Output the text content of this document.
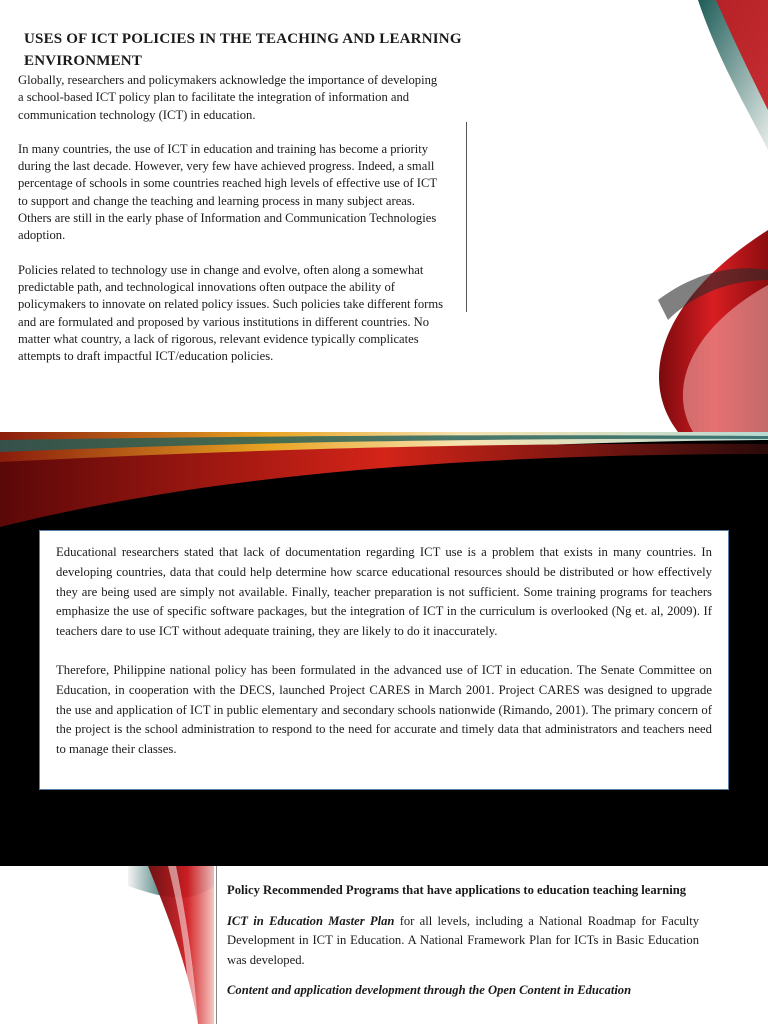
USES OF ICT POLICIES IN THE TEACHING AND LEARNING ENVIRONMENT

Globally, researchers and policymakers acknowledge the importance of developing a school-based ICT policy plan to facilitate the integration of information and communication technology (ICT) in education.

In many countries, the use of ICT in education and training has become a priority during the last decade. However, very few have achieved progress. Indeed, a small percentage of schools in some countries reached high levels of effective use of ICT to support and change the teaching and learning process in many subject areas. Others are still in the early phase of Information and Communication Technologies adoption.

Policies related to technology use in change and evolve, often along a somewhat predictable path, and technological innovations often outpace the ability of policymakers to innovate on related policy issues. Such policies take different forms and are formulated and proposed by various institutions in different countries. No matter what country, a lack of rigorous, relevant evidence typically complicates attempts to draft impactful ICT/education policies.

Educational researchers stated that lack of documentation regarding ICT use is a problem that exists in many countries. In developing countries, data that could help determine how scarce educational resources should be distributed or how effectively they are being used are simply not available. Finally, teacher preparation is not sufficient. Some training programs for teachers emphasize the use of specific software packages, but the integration of ICT in the curriculum is overlooked (Ng et. al, 2009). If teachers dare to use ICT without adequate training, they are likely to do it inaccurately.

Therefore, Philippine national policy has been formulated in the advanced use of ICT in education. The Senate Committee on Education, in cooperation with the DECS, launched Project CARES in March 2001. Project CARES was designed to upgrade the use and application of ICT in public elementary and secondary schools nationwide (Rimando, 2001). The primary concern of the project is the school administration to respond to the need for accurate and timely data that administrators and teachers need to manage their classes.

Policy Recommended Programs that have applications to education teaching learning

ICT in Education Master Plan for all levels, including a National Roadmap for Faculty Development in ICT in Education. A National Framework Plan for ICTs in Basic Education was developed.

Content and application development through the Open Content in Education
